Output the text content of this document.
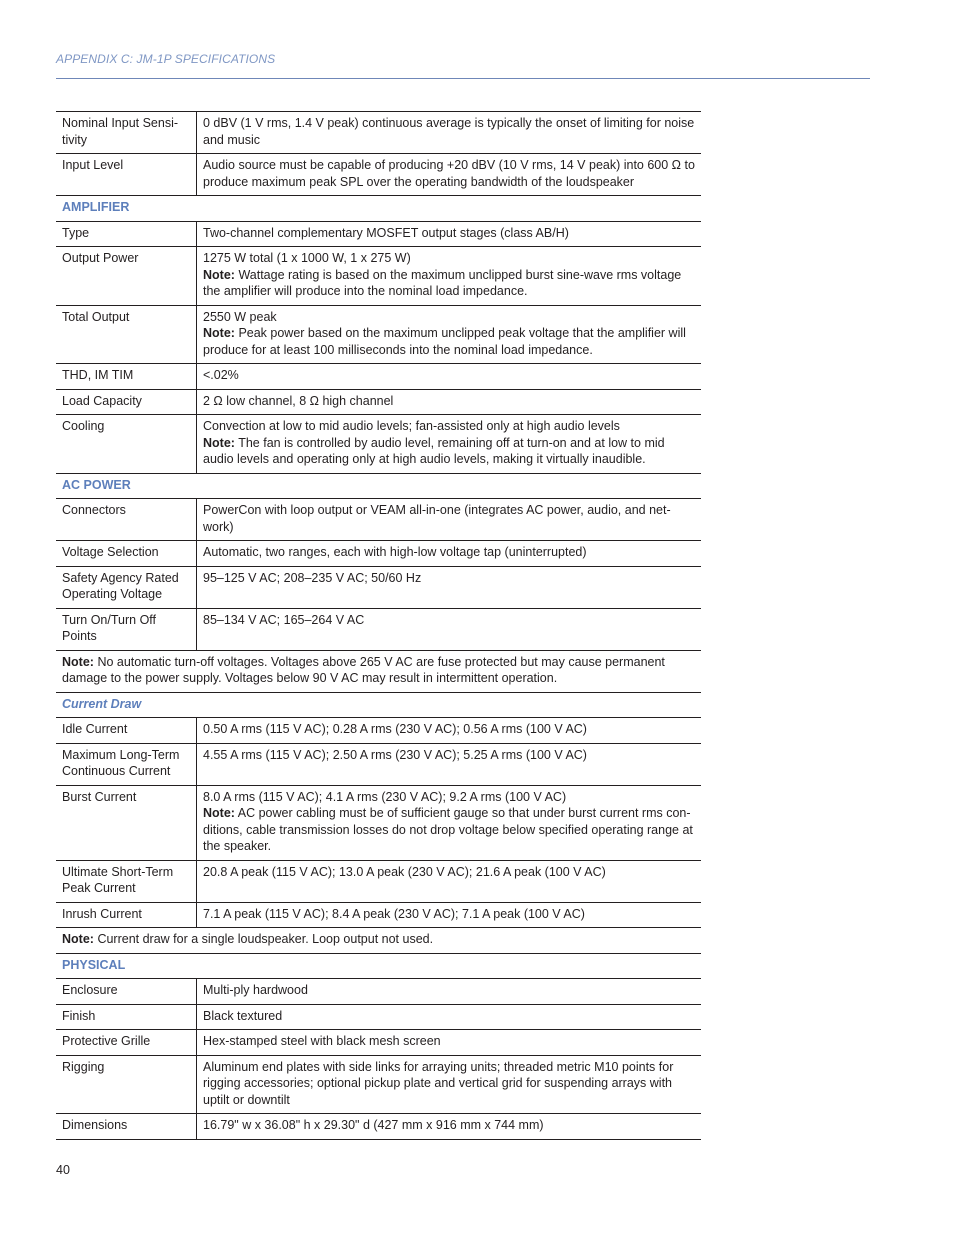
APPENDIX C: JM-1P SPECIFICATIONS
Nominal Input Sensi-
tivity	0 dBV (1 V rms, 1.4 V peak) continuous average is typically the onset of limiting for noise and music

Input Level	Audio source must be capable of producing +20 dBV (10 V rms, 14 V peak) into 600 Ω to produce maximum peak SPL over the operating bandwidth of the loudspeaker

AMPLIFIER	
Type	Two-channel complementary MOSFET output stages (class AB/H)

Output Power	1275 W total (1 x 1000 W, 1 x 275 W)
Note: Wattage rating is based on the maximum unclipped burst sine-wave rms voltage the amplifier will produce into the nominal load impedance.

Total Output	2550 W peak
Note: Peak power based on the maximum unclipped peak voltage that the amplifier will produce for at least 100 milliseconds into the nominal load impedance.

THD, IM TIM	<.02%

Load Capacity	2 Ω low channel, 8 Ω high channel

Cooling	Convection at low to mid audio levels; fan-assisted only at high audio levels
Note: The fan is controlled by audio level, remaining off at turn-on and at low to mid audio levels and operating only at high audio levels, making it virtually inaudible.

AC POWER	
Connectors	PowerCon with loop output or VEAM all-in-one (integrates AC power, audio, and net-work)

Voltage Selection	Automatic, two ranges, each with high-low voltage tap (uninterrupted)

Safety Agency Rated
Operating Voltage	95–125 V AC; 208–235 V AC; 50/60 Hz

Turn On/Turn Off
Points	85–134 V AC; 165–264 V AC

Note: No automatic turn-off voltages. Voltages above 265 V AC are fuse protected but may cause permanent damage to the power supply. Voltages below 90 V AC may result in intermittent operation.	
Current Draw	
Idle Current	0.50 A rms (115 V AC); 0.28 A rms (230 V AC); 0.56 A rms (100 V AC)

Maximum Long-Term
Continuous Current	4.55 A rms (115 V AC); 2.50 A rms (230 V AC); 5.25 A rms (100 V AC)

Burst Current	8.0 A rms (115 V AC); 4.1 A rms (230 V AC); 9.2 A rms (100 V AC)
Note: AC power cabling must be of sufficient gauge so that under burst current rms con-ditions, cable transmission losses do not drop voltage below specified operating range at the speaker.

Ultimate Short-Term
Peak Current	20.8 A peak (115 V AC); 13.0 A peak (230 V AC); 21.6 A peak (100 V AC)

Inrush Current	7.1 A peak (115 V AC); 8.4 A peak (230 V AC); 7.1 A peak (100 V AC)

Note: Current draw for a single loudspeaker. Loop output not used.	
PHYSICAL	
Enclosure	Multi-ply hardwood

Finish	Black textured

Protective Grille	Hex-stamped steel with black mesh screen

Rigging	Aluminum end plates with side links for arraying units; threaded metric M10 points for rigging accessories; optional pickup plate and vertical grid for suspending arrays with uptilt or downtilt

Dimensions	16.79" w x 36.08" h x 29.30" d (427 mm x 916 mm x 744 mm)
40
